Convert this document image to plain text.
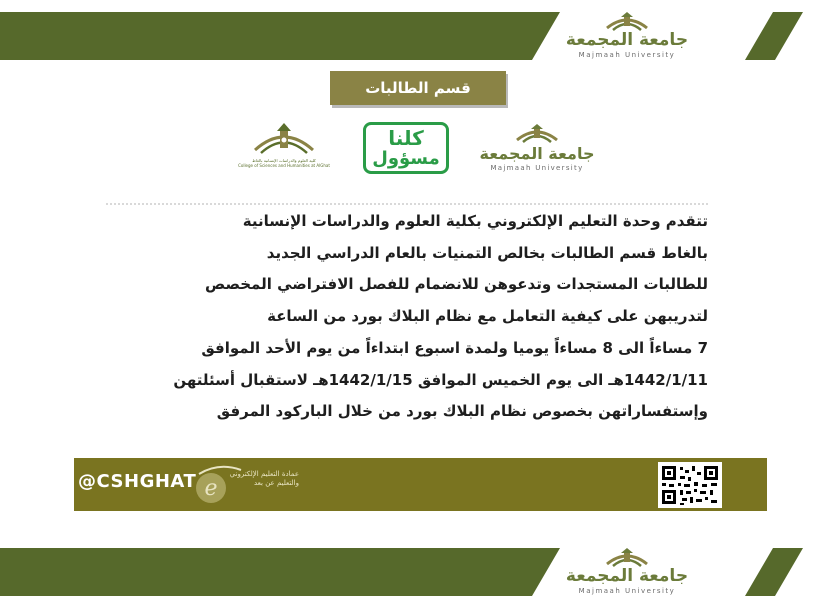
جامعة المجمعة
Majmaah University
قسم الطالبات
كلية العلوم والدراسات الإنسانية بالغاط
College of Sciences and Humanities at AlGhat
كلنا
مسؤول	جامعة المجمعة
Majmaah University
تتقدم وحدة التعليم الإلكتروني بكلية العلوم والدراسات الإنسانية
بالغاط قسم الطالبات بخالص التمنيات بالعام الدراسي الجديد
للطالبات المستجدات وتدعوهن للانضمام للفصل الافتراضي المخصص
لتدريبهن على كيفية التعامل مع نظام البلاك بورد من الساعة
7 مساءاً الى 8 مساءاً يوميا ولمدة اسبوع ابتداءاً من يوم الأحد الموافق
1442/1/11هـ الى يوم الخميس الموافق 1442/1/15هـ لاستقبال أسئلتهن
وإستفساراتهن بخصوص نظام البلاك بورد من خلال الباركود المرفق
@CSHGHAT e
عمادة التعليم الإلكتروني والتعليم عن بعد
جامعة المجمعة
Majmaah University
